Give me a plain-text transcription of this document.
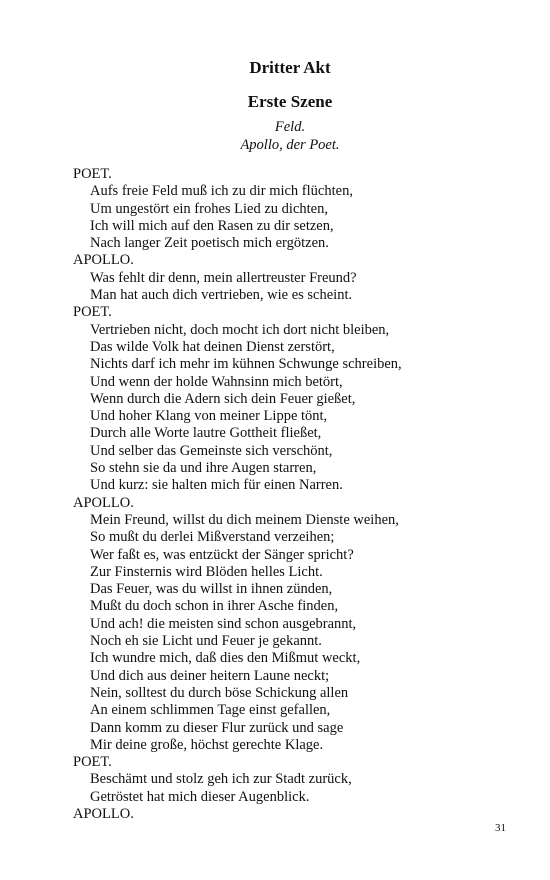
Dritter Akt
Erste Szene
Feld.
Apollo, der Poet.
POET.
Aufs freie Feld muß ich zu dir mich flüchten,
Um ungestört ein frohes Lied zu dichten,
Ich will mich auf den Rasen zu dir setzen,
Nach langer Zeit poetisch mich ergötzen.
APOLLO.
Was fehlt dir denn, mein allertreuster Freund?
Man hat auch dich vertrieben, wie es scheint.
POET.
Vertrieben nicht, doch mocht ich dort nicht bleiben,
Das wilde Volk hat deinen Dienst zerstört,
Nichts darf ich mehr im kühnen Schwunge schreiben,
Und wenn der holde Wahnsinn mich betört,
Wenn durch die Adern sich dein Feuer gießet,
Und hoher Klang von meiner Lippe tönt,
Durch alle Worte lautre Gottheit fließet,
Und selber das Gemeinste sich verschönt,
So stehn sie da und ihre Augen starren,
Und kurz: sie halten mich für einen Narren.
APOLLO.
Mein Freund, willst du dich meinem Dienste weihen,
So mußt du derlei Mißverstand verzeihen;
Wer faßt es, was entzückt der Sänger spricht?
Zur Finsternis wird Blöden helles Licht.
Das Feuer, was du willst in ihnen zünden,
Mußt du doch schon in ihrer Asche finden,
Und ach! die meisten sind schon ausgebrannt,
Noch eh sie Licht und Feuer je gekannt.
Ich wundre mich, daß dies den Mißmut weckt,
Und dich aus deiner heitern Laune neckt;
Nein, solltest du durch böse Schickung allen
An einem schlimmen Tage einst gefallen,
Dann komm zu dieser Flur zurück und sage
Mir deine große, höchst gerechte Klage.
POET.
Beschämt und stolz geh ich zur Stadt zurück,
Getröstet hat mich dieser Augenblick.
APOLLO.
31
